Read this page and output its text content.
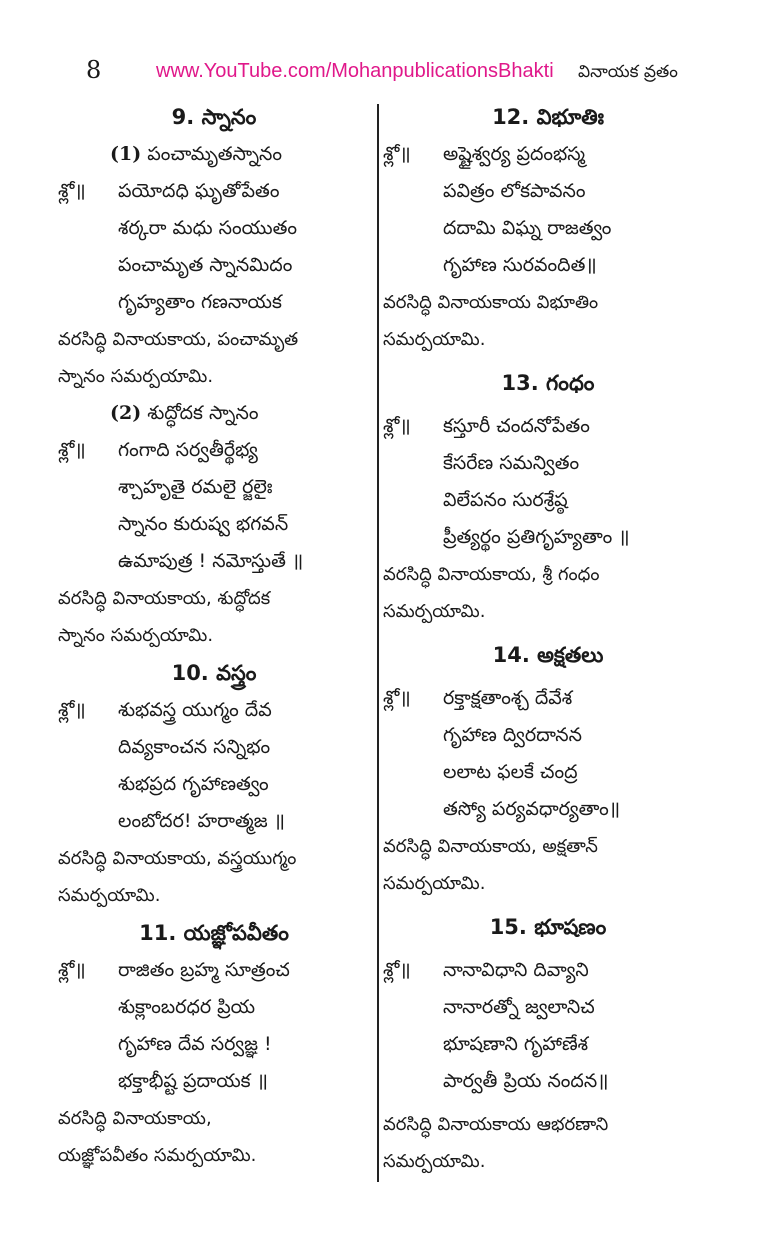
8	www.YouTube.com/MohanpublicationsBhakti వినాయక వ్రతం
9. స్నానం
(1) పంచామృతస్నానం
శ్లో॥ పయోదధి ఘృతోపేతం
శర్కరా మధు సంయుతం
పంచామృత స్నానమిదం
గృహ్యతాం గణనాయక
వరసిద్ధి వినాయకాయ, పంచామృత
స్నానం సమర్పయామి.
(2) శుద్ధోదక స్నానం
శ్లో॥ గంగాది సర్వతీర్థేభ్య
శ్చాహృతై రమలై ర్జలైః
స్నానం కురుష్వ భగవన్
ఉమాపుత్ర ! నమోస్తుతే ॥
వరసిద్ధి వినాయకాయ, శుద్ధోదక
స్నానం సమర్పయామి.
10. వస్త్రం
శ్లో॥ శుభవస్త్ర యుగ్మం దేవ
దివ్యకాంచన సన్నిభం
శుభప్రద గృహాణత్వం
లంబోదర! హరాత్మజ ॥
వరసిద్ధి వినాయకాయ, వస్త్రయుగ్మం
సమర్పయామి.
11. యజ్ఞోపవీతం
శ్లో॥ రాజితం బ్రహ్మ సూత్రంచ
శుక్లాంబరధర ప్రియ
గృహాణ దేవ సర్వజ్ఞ !
భక్తాభీష్ట ప్రదాయక ॥
వరసిద్ధి వినాయకాయ,
యజ్ఞోపవీతం సమర్పయామి.
12. విభూతిః
శ్లో॥ అష్టైశ్వర్య ప్రదంభస్మ
పవిత్రం లోకపావనం
దదామి విఘ్న రాజత్వం
గృహాణ సురవందిత॥
వరసిద్ధి వినాయకాయ విభూతిం
సమర్పయామి.
13. గంధం
శ్లో॥ కస్తూరీ చందనోపేతం
కేసరేణ సమన్వితం
విలేపనం సురశ్రేష్ఠ
ప్రీత్యర్థం ప్రతిగృహ్యతాం ॥
వరసిద్ధి వినాయకాయ, శ్రీ గంధం
సమర్పయామి.
14. అక్షతలు
శ్లో॥ రక్తాక్షతాంశ్చ దేవేశ
గృహాణ ద్విరదానన
లలాట ఫలకే చంద్ర
తస్యో పర్యవధార్యతాం॥
వరసిద్ధి వినాయకాయ, అక్షతాన్
సమర్పయామి.
15. భూషణం
శ్లో॥ నానావిధాని దివ్యాని
నానారత్నో జ్వలానిచ
భూషణాని గృహాణేశ
పార్వతీ ప్రియ నందన॥
వరసిద్ధి వినాయకాయ ఆభరణాని
సమర్పయామి.
